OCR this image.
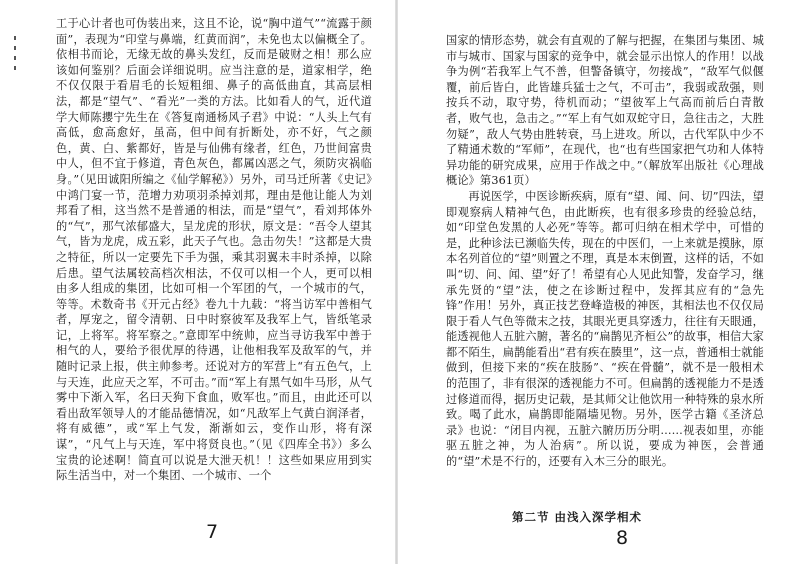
工于心计者也可伪装出来，这且不论，说“胸中道气”“流露于颜面”，表现为“印堂与鼻端，红黄而润”，未免也太以偏概全了。依相书而论，无缘无故的鼻头发红，反而是破财之相！那么应该如何鉴别？后面会详细说明。应当注意的是，道家相学，绝不仅仅限于看眉毛的长短粗细、鼻子的高低曲直，其高层相法，都是“望气”、“看光”一类的方法。比如看人的气，近代道学大师陈攖宁先生在《答复南通杨风子君》中说：“人头上气有高低，愈高愈好，虽高，但中间有折断处，亦不好，气之颜色，黄、白、紫都好，皆是与仙佛有缘者，红色，乃世间富贵中人，但不宜于修道，青色灰色，都属凶恶之气，须防灾祸临身。”（见田诚阳所编之《仙学解秘》）另外，司马迁所著《史记》中鸿门宴一节，范增力劝项羽杀掉刘邦，理由是他让能人为刘邦看了相，这当然不是普通的相法，而是“望气”，看刘邦体外的“气”，那气浓郁盛大，呈龙虎的形状，原文是：“吾令人望其气，皆为龙虎，成五彩，此天子气也。急击勿失！”这都是大贵之特征，所以一定要先下手为强，乘其羽翼未丰时杀掉，以除后患。望气法属较高档次相法，不仅可以相一个人，更可以相由多人组成的集团，比如可相一个军团的气，一个城市的气，等等。术数奇书《开元占经》卷九十九载：“将当访军中善相气者，厚宠之，留令清朝、日中时察彼军及我军上气，皆纸笔录记，上将军。将军察之。”意即军中统帅，应当寻访我军中善于相气的人，要给予很优厚的待遇，让他相我军及敌军的气，并随时记录上报，供主帅参考。还说对方的军营上“有五色气，上与天连，此应天之军，不可击。”而“军上有黑气如牛马形，从气雾中下渐入军，名曰天狗下食血，败军也。”而且，由此还可以看出敌军领导人的才能品德情况，如“凡敌军上气黄白润泽者，将有威德”，或“军上气发，渐渐如云，变作山形，将有深谋”，“凡气上与天连，军中将贤良也。”（见《四库全书》）多么宝贵的论述啊！简直可以说是大泄天机！！这些如果应用到实际生活当中，对一个集团、一个城市、一个

7

国家的情形态势，就会有直观的了解与把握，在集团与集团、城市与城市、国家与国家的竞争中，就会显示出惊人的作用！以战争为例“若我军上气不善，但警备镇守，勿接战”，“敌军气似偃覆，前后皆白，此皆雄兵猛士之气，不可击”，我弱或敌强，则按兵不动，取守势，待机而动；“望彼军上气高而前后白青散者，败气也，急击之。”“军上有气如双蛇守日，急往击之，大胜勿疑”，敌人气势由胜转衰，马上进攻。所以，古代军队中少不了精通术数的“军师”，在现代，也“也有些国家把气功和人体特异功能的研究成果，应用于作战之中。”（解放军出版社《心理战概论》第361页）

再说医学，中医诊断疾病，原有“望、闻、问、切”四法，望即观察病人精神气色，由此断疾，也有很多珍贵的经验总结，如“印堂色发黑的人必死”等等。都可归纳在相术学中，可惜的是，此种诊法已濒临失传，现在的中医们，一上来就是摸脉，原本名列首位的“望”则置之不理，真是本末倒置，这样的话，不如叫“切、问、闻、望”好了！希望有心人见此知警，发奋学习，继承先贤的“望”法，使之在诊断过程中，发挥其应有的“急先锋”作用！另外，真正技艺登峰造极的神医，其相法也不仅仅局限于看人气色等微末之技，其眼光更具穿透力，往往有天眼通，能透视他人五脏六腑，著名的“扁鹊见齐桓公”的故事，相信大家都不陌生，扁鹊能看出“君有疾在腠里”，这一点，普通相士就能做到，但接下来的“疾在肢肠”、“疾在骨髓”，就不是一般相术的范围了，非有很深的透视能力不可。但扁鹊的透视能力不是透过修道而得，据历史记载，是其师父让他饮用一种特殊的泉水所致。喝了此水，扁鹊即能隔墙见物。另外，医学古籍《圣济总录》也说：“闭目内视，五脏六腑历历分明……视表如里，亦能驱五脏之神，为人治病”。所以说，要成为神医，会普通的“望”术是不行的，还要有入木三分的眼光。

第二节 由浅入深学相术
8
